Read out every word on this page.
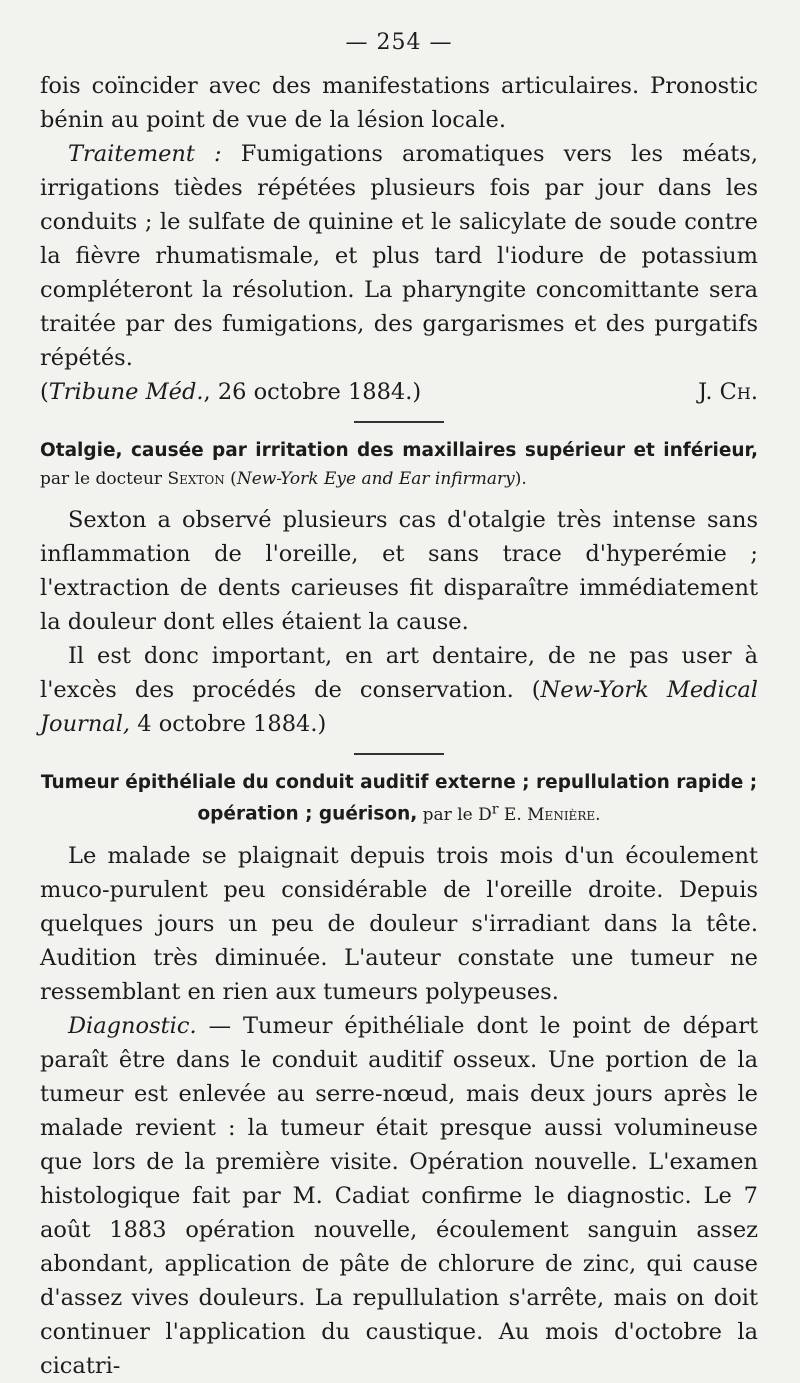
— 254 —

fois coïncider avec des manifestations articulaires. Pronostic bénin au point de vue de la lésion locale.

Traitement : Fumigations aromatiques vers les méats, irrigations tièdes répétées plusieurs fois par jour dans les conduits ; le sulfate de quinine et le salicylate de soude contre la fièvre rhumatismale, et plus tard l'iodure de potassium compléteront la résolution. La pharyngite concomittante sera traitée par des fumigations, des gargarismes et des purgatifs répétés.

(Tribune Méd., 26 octobre 1884.)	J. Ch.

Otalgie, causée par irritation des maxillaires supérieur et inférieur, par le docteur Sexton (New-York Eye and Ear infirmary).

Sexton a observé plusieurs cas d'otalgie très intense sans inflammation de l'oreille, et sans trace d'hyperémie ; l'extraction de dents carieuses fit disparaître immédiatement la douleur dont elles étaient la cause.

Il est donc important, en art dentaire, de ne pas user à l'excès des procédés de conservation. (New-York Medical Journal, 4 octobre 1884.)

Tumeur épithéliale du conduit auditif externe ; repullulation rapide ; opération ; guérison, par le $D^r$ E. Menière.

Le malade se plaignait depuis trois mois d'un écoulement muco-purulent peu considérable de l'oreille droite. Depuis quelques jours un peu de douleur s'irradiant dans la tête. Audition très diminuée. L'auteur constate une tumeur ne ressemblant en rien aux tumeurs polypeuses.

Diagnostic. — Tumeur épithéliale dont le point de départ paraît être dans le conduit auditif osseux. Une portion de la tumeur est enlevée au serre-nœud, mais deux jours après le malade revient : la tumeur était presque aussi volumineuse que lors de la première visite. Opération nouvelle. L'examen histologique fait par M. Cadiat confirme le diagnostic. Le 7 août 1883 opération nouvelle, écoulement sanguin assez abondant, application de pâte de chlorure de zinc, qui cause d'assez vives douleurs. La repullulation s'arrête, mais on doit continuer l'application du caustique. Au mois d'octobre la cicatri-
